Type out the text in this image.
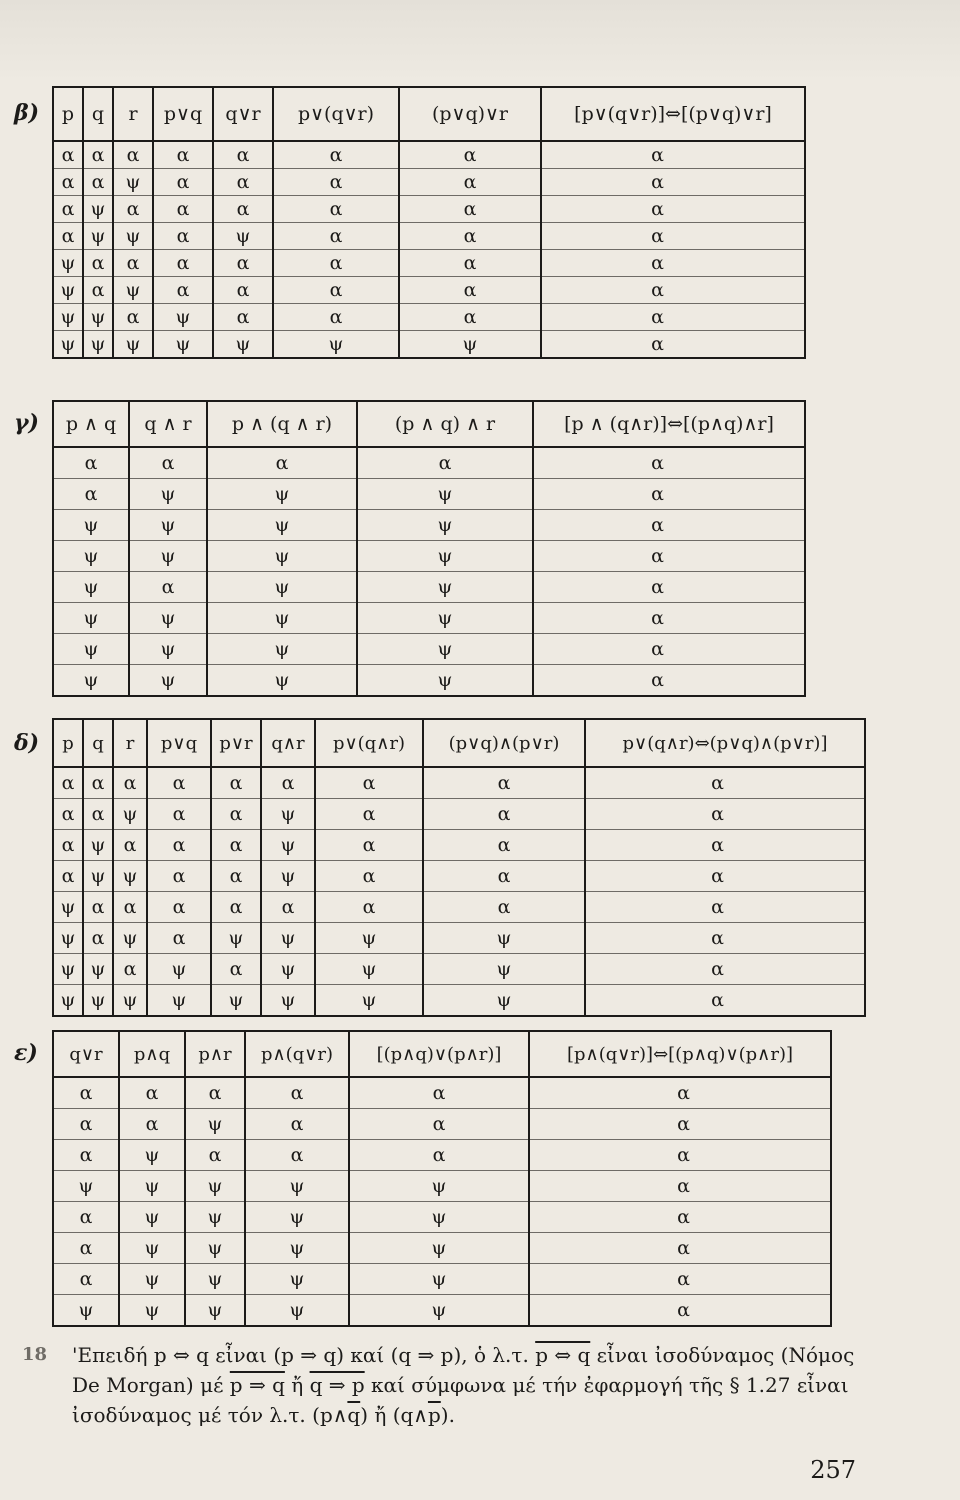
β) p	q	r	p∨q	q∨r	p∨(q∨r)	(p∨q)∨r	[p∨(q∨r)]⇔[(p∨q)∨r]
α	α	α	α	α	α	α	α
α	α	ψ	α	α	α	α	α
α	ψ	α	α	α	α	α	α
α	ψ	ψ	α	ψ	α	α	α
ψ	α	α	α	α	α	α	α
ψ	α	ψ	α	α	α	α	α
ψ	ψ	α	ψ	α	α	α	α
ψ	ψ	ψ	ψ	ψ	ψ	ψ	α
γ) p ∧ q	q ∧ r	p ∧ (q ∧ r)	(p ∧ q) ∧ r	[p ∧ (q∧r)]⇔[(p∧q)∧r]
α	α	α	α	α
α	ψ	ψ	ψ	α
ψ	ψ	ψ	ψ	α
ψ	ψ	ψ	ψ	α
ψ	α	ψ	ψ	α
ψ	ψ	ψ	ψ	α
ψ	ψ	ψ	ψ	α
ψ	ψ	ψ	ψ	α
δ) p	q	r	p∨q	p∨r	q∧r	p∨(q∧r)	(p∨q)∧(p∨r)	p∨(q∧r)⇔(p∨q)∧(p∨r)]
α	α	α	α	α	α	α	α	α
α	α	ψ	α	α	ψ	α	α	α
α	ψ	α	α	α	ψ	α	α	α
α	ψ	ψ	α	α	ψ	α	α	α
ψ	α	α	α	α	α	α	α	α
ψ	α	ψ	α	ψ	ψ	ψ	ψ	α
ψ	ψ	α	ψ	α	ψ	ψ	ψ	α
ψ	ψ	ψ	ψ	ψ	ψ	ψ	ψ	α
ε) q∨r	p∧q	p∧r	p∧(q∨r)	[(p∧q)∨(p∧r)]	[p∧(q∨r)]⇔[(p∧q)∨(p∧r)]
α	α	α	α	α	α
α	α	ψ	α	α	α
α	ψ	α	α	α	α
ψ	ψ	ψ	ψ	ψ	α
α	ψ	ψ	ψ	ψ	α
α	ψ	ψ	ψ	ψ	α
α	ψ	ψ	ψ	ψ	α
ψ	ψ	ψ	ψ	ψ	α
18 'Επειδή p ⇔ q εἶναι (p ⇒ q) καί (q ⇒ p), ὁ λ.τ. p ⇔ q εἶναι ἰσοδύναμος (Νόμος
De Morgan) μέ p ⇒ q ἤ q ⇒ p καί σύμφωνα μέ τήν ἐφαρμογή τῆς § 1.27 εἶναι
ἰσοδύναμος μέ τόν λ.τ. $(p\wedge\overline{q})$ ἤ $(q\wedge\overline{p})$.
257
